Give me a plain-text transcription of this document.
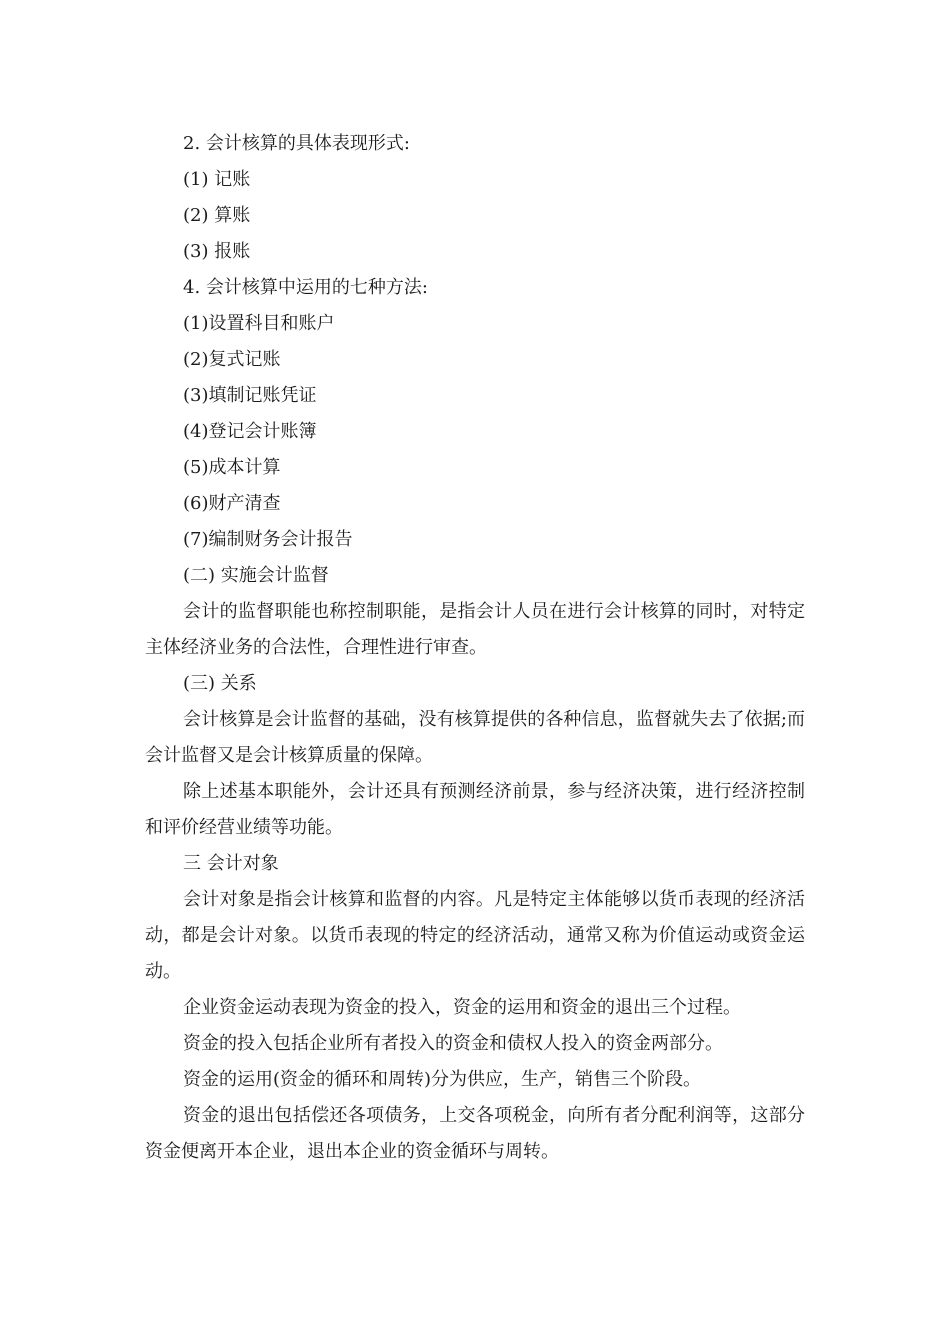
2. 会计核算的具体表现形式:

(1) 记账

(2) 算账

(3) 报账

4. 会计核算中运用的七种方法:

(1)设置科目和账户

(2)复式记账

(3)填制记账凭证

(4)登记会计账簿

(5)成本计算

(6)财产清查

(7)编制财务会计报告

(二) 实施会计监督

会计的监督职能也称控制职能，是指会计人员在进行会计核算的同时，对特定主体经济业务的合法性，合理性进行审查。

(三) 关系

会计核算是会计监督的基础，没有核算提供的各种信息，监督就失去了依据;而会计监督又是会计核算质量的保障。

除上述基本职能外，会计还具有预测经济前景，参与经济决策，进行经济控制和评价经营业绩等功能。

三 会计对象

会计对象是指会计核算和监督的内容。凡是特定主体能够以货币表现的经济活动，都是会计对象。以货币表现的特定的经济活动，通常又称为价值运动或资金运动。

企业资金运动表现为资金的投入，资金的运用和资金的退出三个过程。

资金的投入包括企业所有者投入的资金和债权人投入的资金两部分。

资金的运用(资金的循环和周转)分为供应，生产，销售三个阶段。

资金的退出包括偿还各项债务，上交各项税金，向所有者分配利润等，这部分资金便离开本企业，退出本企业的资金循环与周转。
